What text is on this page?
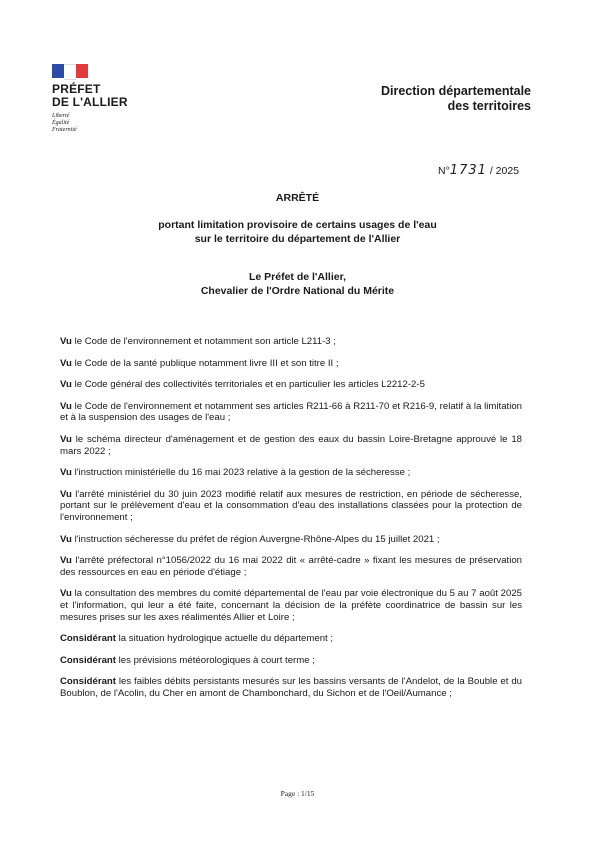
PRÉFET
DE L'ALLIER
Liberté
Égalité
Fraternité
Direction départementale
des territoires
N°1731 / 2025
ARRÊTÉ
portant limitation provisoire de certains usages de l'eau
sur le territoire du département de l'Allier
Le Préfet de l'Allier,
Chevalier de l'Ordre National du Mérite

Vu le Code de l'environnement et notamment son article L211-3 ;

Vu le Code de la santé publique notamment livre III et son titre II ;

Vu le Code général des collectivités territoriales et en particulier les articles L2212-2-5

Vu le Code de l'environnement et notamment ses articles R211-66 à R211-70 et R216-9, relatif à la limitation et à la suspension des usages de l'eau ;

Vu le schéma directeur d'aménagement et de gestion des eaux du bassin Loire-Bretagne approuvé le 18 mars 2022 ;

Vu l'instruction ministérielle du 16 mai 2023 relative à la gestion de la sécheresse ;

Vu l'arrêté ministériel du 30 juin 2023 modifié relatif aux mesures de restriction, en période de sécheresse, portant sur le prélèvement d'eau et la consommation d'eau des installations classées pour la protection de l'environnement ;

Vu l'instruction sécheresse du préfet de région Auvergne-Rhône-Alpes du 15 juillet 2021 ;

Vu l'arrêté préfectoral n°1056/2022 du 16 mai 2022 dit « arrêté-cadre » fixant les mesures de préservation des ressources en eau en période d'étiage ;

Vu la consultation des membres du comité départemental de l'eau par voie électronique du 5 au 7 août 2025 et l'information, qui leur a été faite, concernant la décision de la préfète coordinatrice de bassin sur les mesures prises sur les axes réalimentés Allier et Loire ;

Considérant la situation hydrologique actuelle du département ;

Considérant les prévisions météorologiques à court terme ;

Considérant les faibles débits persistants mesurés sur les bassins versants de l'Andelot, de la Bouble et du Boublon, de l'Acolin, du Cher en amont de Chambonchard, du Sichon et de l'Oeil/Aumance ;

Page : 1/15
